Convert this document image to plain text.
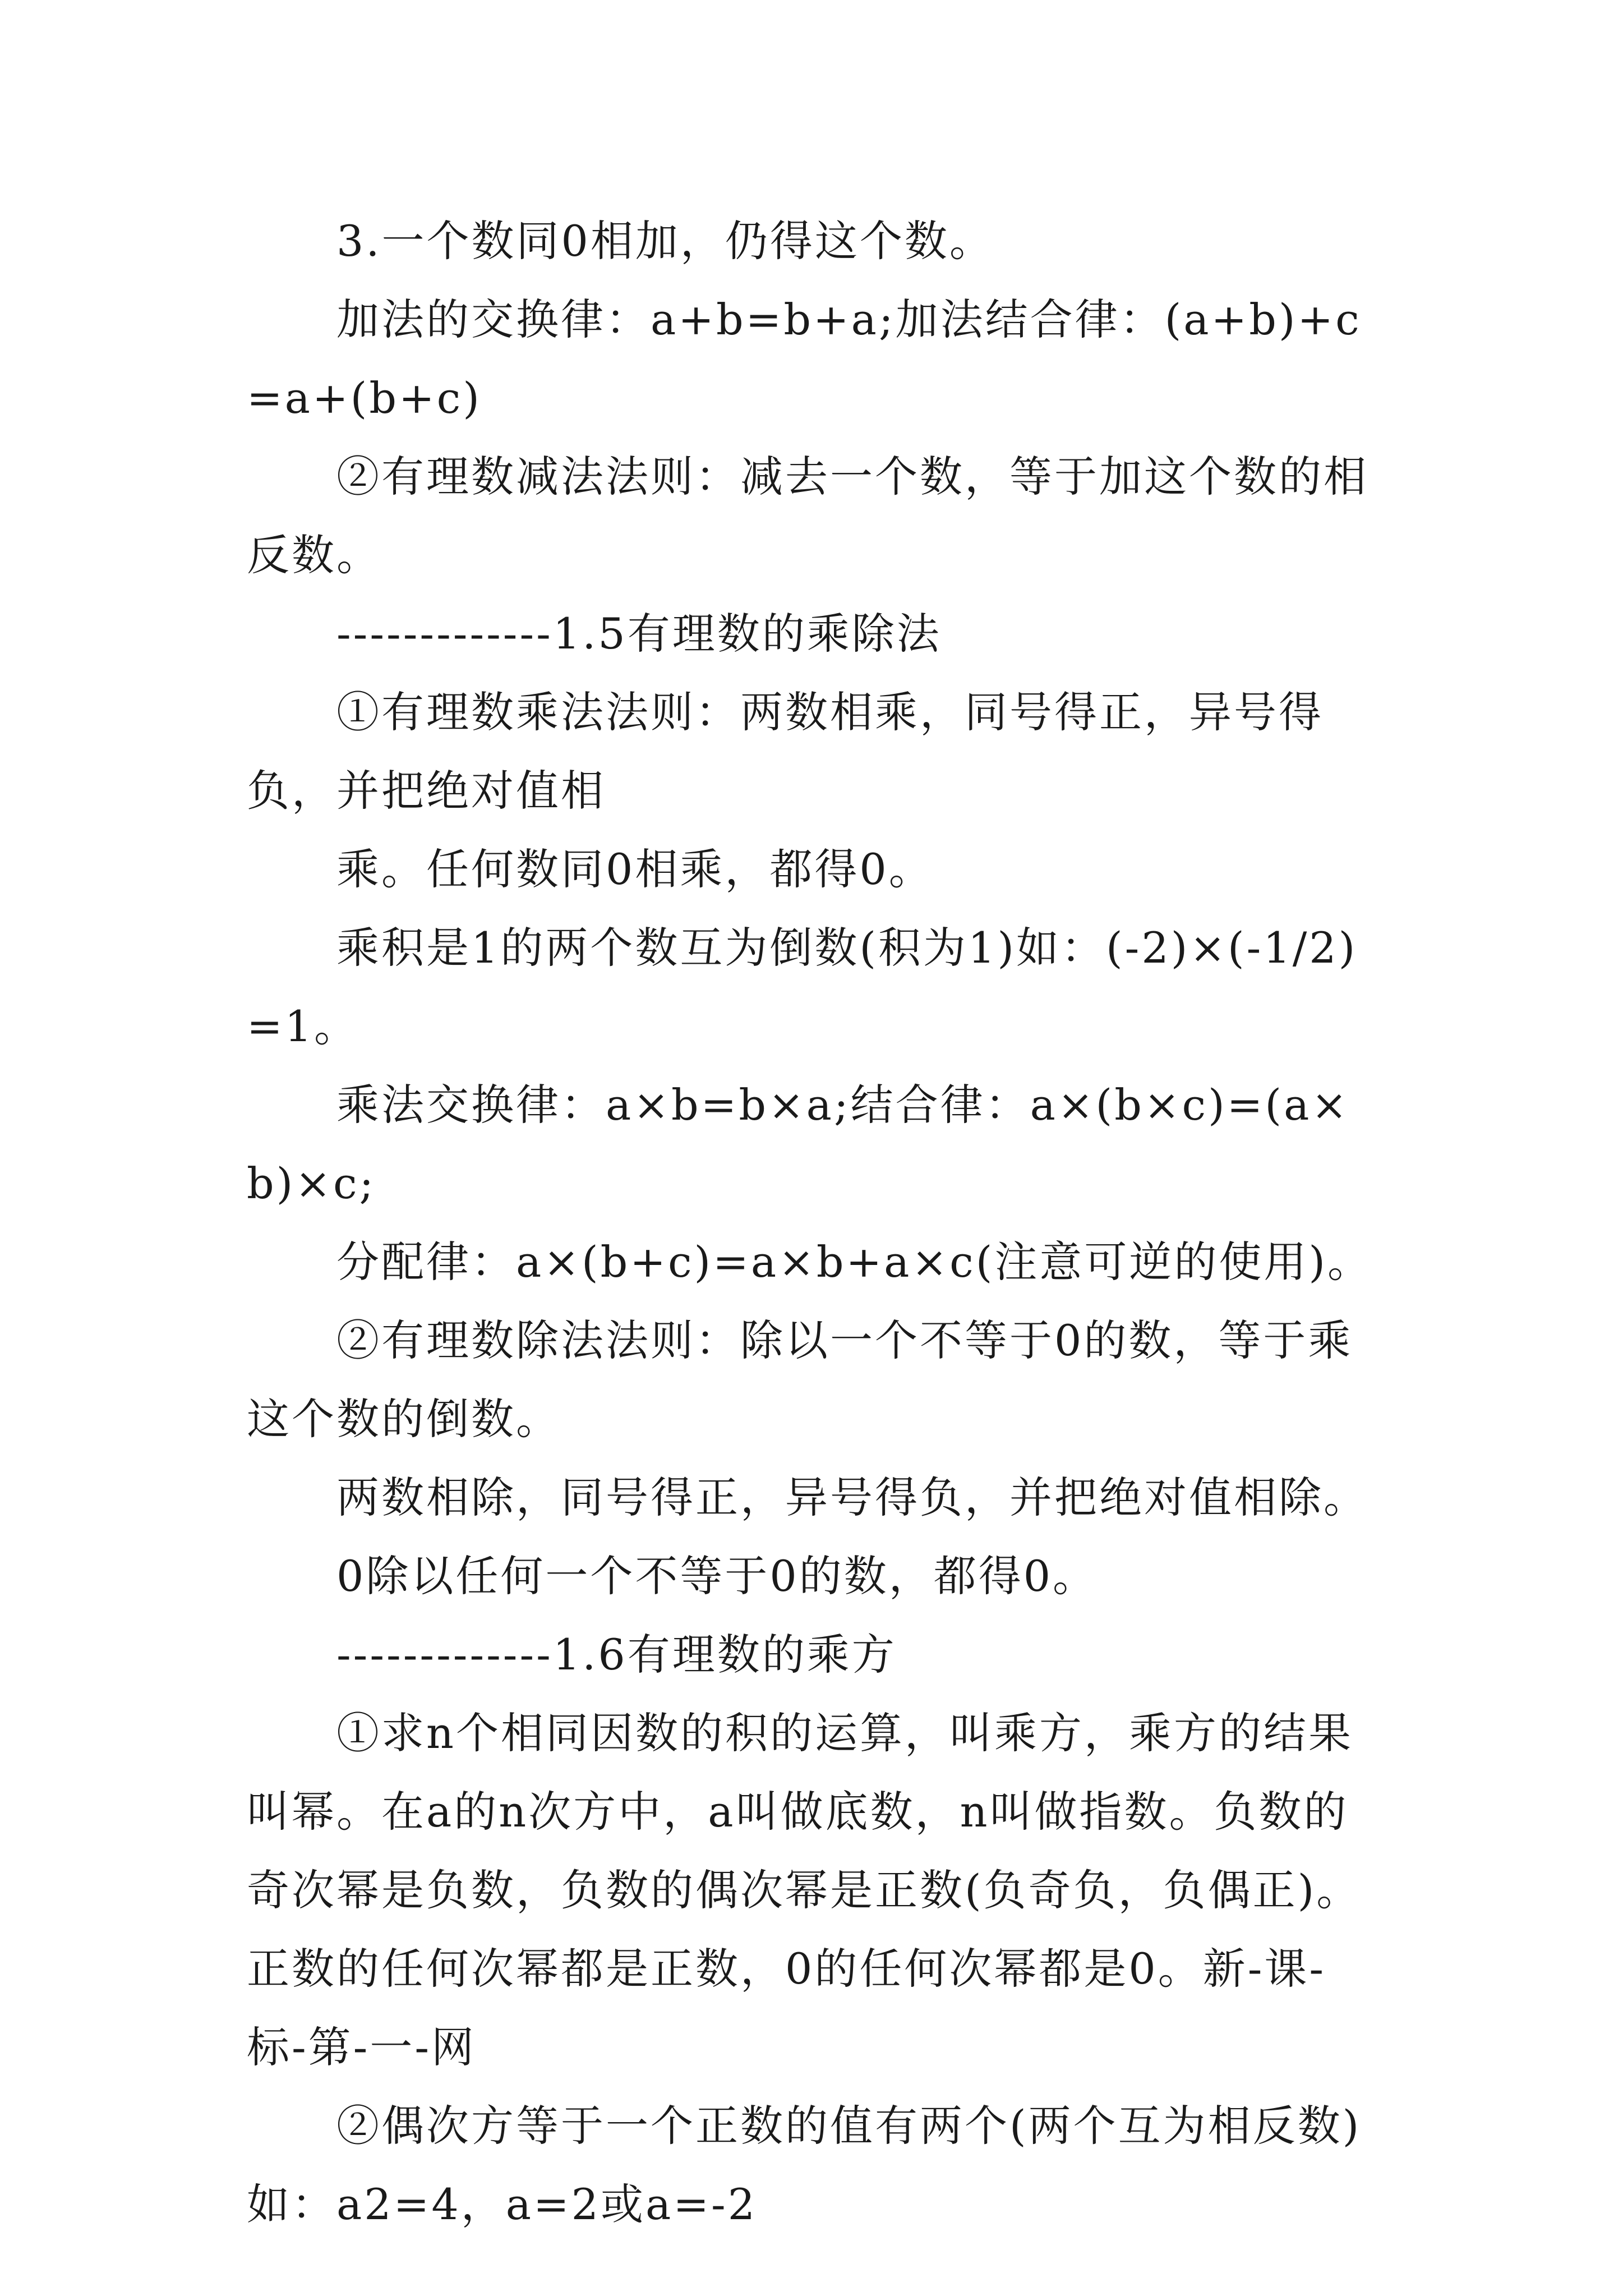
3.一个数同0相加，仍得这个数。

加法的交换律：a+b=b+a;加法结合律：(a+b)+c=a+(b+c)

②有理数减法法则：减去一个数，等于加这个数的相反数。

-------------1.5有理数的乘除法

①有理数乘法法则：两数相乘，同号得正，异号得负，并把绝对值相

乘。任何数同0相乘，都得0。

乘积是1的两个数互为倒数(积为1)如：(-2)×(-1/2)=1。

乘法交换律：a×b=b×a;结合律：a×(b×c)=(a×b)×c;

分配律：a×(b+c)=a×b+a×c(注意可逆的使用)。

②有理数除法法则：除以一个不等于0的数，等于乘这个数的倒数。

两数相除，同号得正，异号得负，并把绝对值相除。

0除以任何一个不等于0的数，都得0。

-------------1.6有理数的乘方

①求n个相同因数的积的运算，叫乘方，乘方的结果叫幂。在a的n次方中，a叫做底数，n叫做指数。负数的奇次幂是负数，负数的偶次幂是正数(负奇负，负偶正)。正数的任何次幂都是正数，0的任何次幂都是0。新-课-标-第-一-网

②偶次方等于一个正数的值有两个(两个互为相反数)如：a2=4，a=2或a=-2
